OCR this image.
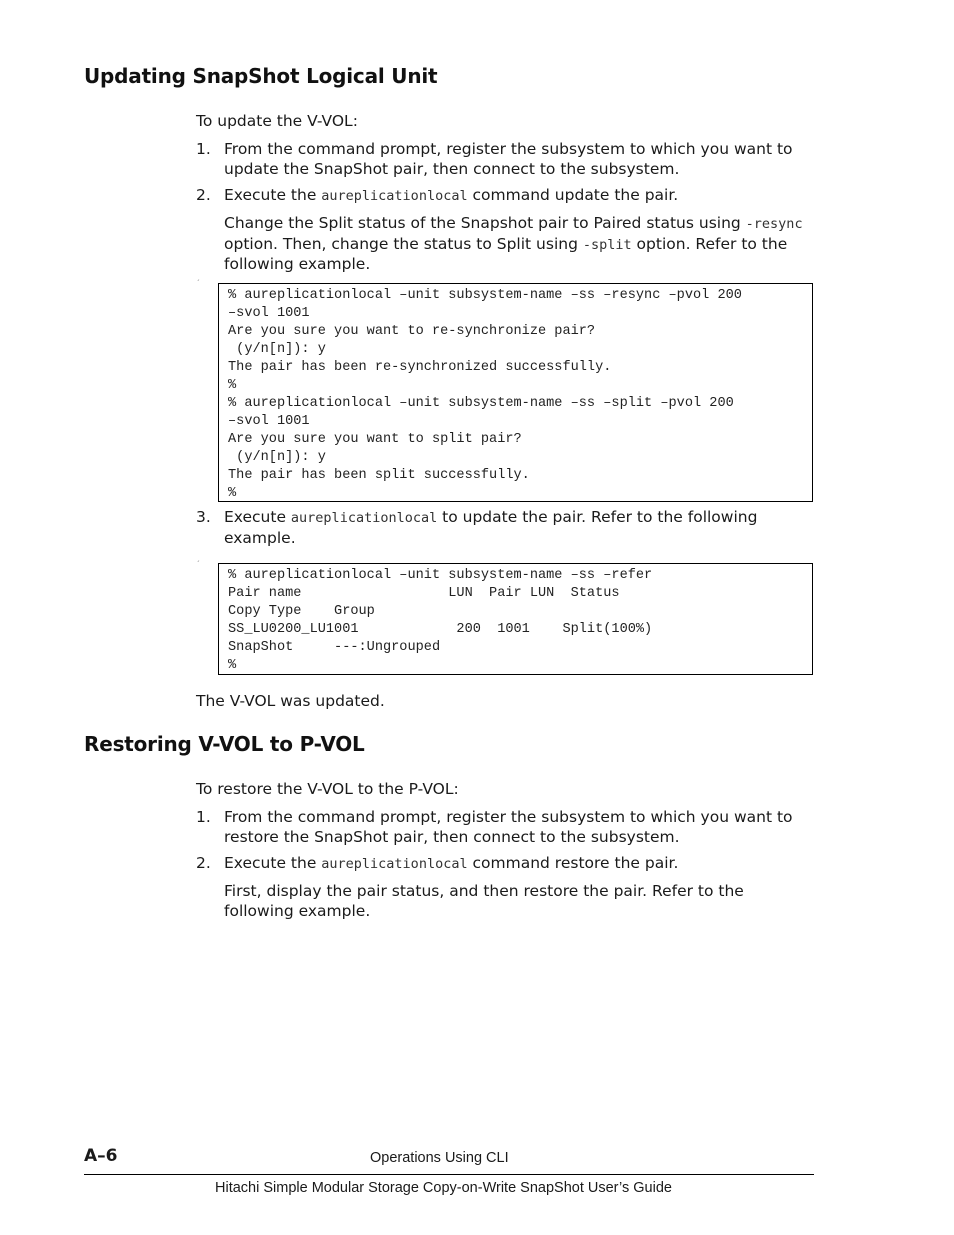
Updating SnapShot Logical Unit

To update the V-VOL:

1. From the command prompt, register the subsystem to which you want to update the SnapShot pair, then connect to the subsystem.
2. Execute the aureplicationlocal command update the pair.

Change the Split status of the Snapshot pair to Paired status using -resync option. Then, change the status to Split using -split option. Refer to the following example.

ˏ
% aureplicationlocal –unit subsystem-name –ss –resync –pvol 200
–svol 1001
Are you sure you want to re-synchronize pair?
(y/n[n]): y
The pair has been re-synchronized successfully.
%
% aureplicationlocal –unit subsystem-name –ss –split –pvol 200
–svol 1001
Are you sure you want to split pair?
(y/n[n]): y
The pair has been split successfully.
%
3. Execute aureplicationlocal to update the pair. Refer to the following example.
ˏ
% aureplicationlocal –unit subsystem-name –ss –refer
Pair name                  LUN  Pair LUN  Status
Copy Type    Group
SS_LU0200_LU1001            200  1001    Split(100%)
SnapShot     ---:Ungrouped
%

The V-VOL was updated.

Restoring V-VOL to P-VOL

To restore the V-VOL to the P-VOL:

1. From the command prompt, register the subsystem to which you want to restore the SnapShot pair, then connect to the subsystem.
2. Execute the aureplicationlocal command restore the pair.

First, display the pair status, and then restore the pair. Refer to the following example.

A–6	Operations Using CLI
Hitachi Simple Modular Storage Copy-on-Write SnapShot User’s Guide
